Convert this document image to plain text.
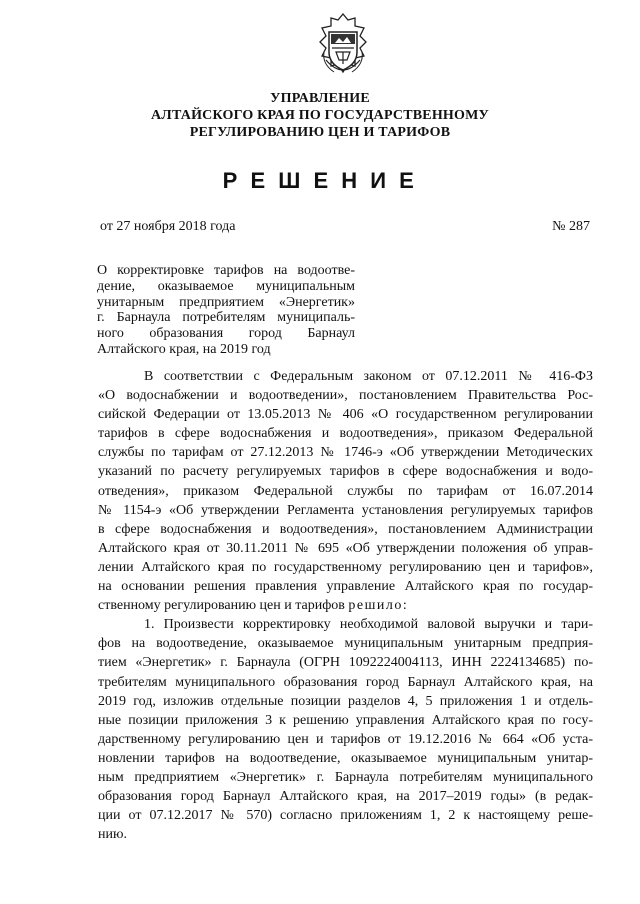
УПРАВЛЕНИЕ
АЛТАЙСКОГО КРАЯ ПО ГОСУДАРСТВЕННОМУ
РЕГУЛИРОВАНИЮ ЦЕН И ТАРИФОВ
Р Е Ш Е Н И Е
от 27 ноября 2018 года	№ 287
О корректировке тарифов на водоотве-
дение, оказываемое муниципальным
унитарным предприятием «Энергетик»
г. Барнаула потребителям муниципаль-
ного образования город Барнаул
Алтайского края, на 2019 год
В соответствии с Федеральным законом от 07.12.2011 № 416-ФЗ
«О водоснабжении и водоотведении», постановлением Правительства Рос-
сийской Федерации от 13.05.2013 № 406 «О государственном регулировании
тарифов в сфере водоснабжения и водоотведения», приказом Федеральной
службы по тарифам от 27.12.2013 № 1746-э «Об утверждении Методических
указаний по расчету регулируемых тарифов в сфере водоснабжения и водо-
отведения», приказом Федеральной службы по тарифам от 16.07.2014
№ 1154-э «Об утверждении Регламента установления регулируемых тарифов
в сфере водоснабжения и водоотведения», постановлением Администрации
Алтайского края от 30.11.2011 № 695 «Об утверждении положения об управ-
лении Алтайского края по государственному регулированию цен и тарифов»,
на основании решения правления управление Алтайского края по государ-
ственному регулированию цен и тарифов решило:
1. Произвести корректировку необходимой валовой выручки и тари-
фов на водоотведение, оказываемое муниципальным унитарным предприя-
тием «Энергетик» г. Барнаула (ОГРН 1092224004113, ИНН 2224134685) по-
требителям муниципального образования город Барнаул Алтайского края, на
2019 год, изложив отдельные позиции разделов 4, 5 приложения 1 и отдель-
ные позиции приложения 3 к решению управления Алтайского края по госу-
дарственному регулированию цен и тарифов от 19.12.2016 № 664 «Об уста-
новлении тарифов на водоотведение, оказываемое муниципальным унитар-
ным предприятием «Энергетик» г. Барнаула потребителям муниципального
образования город Барнаул Алтайского края, на 2017–2019 годы» (в редак-
ции от 07.12.2017 № 570) согласно приложениям 1, 2 к настоящему реше-
нию.
